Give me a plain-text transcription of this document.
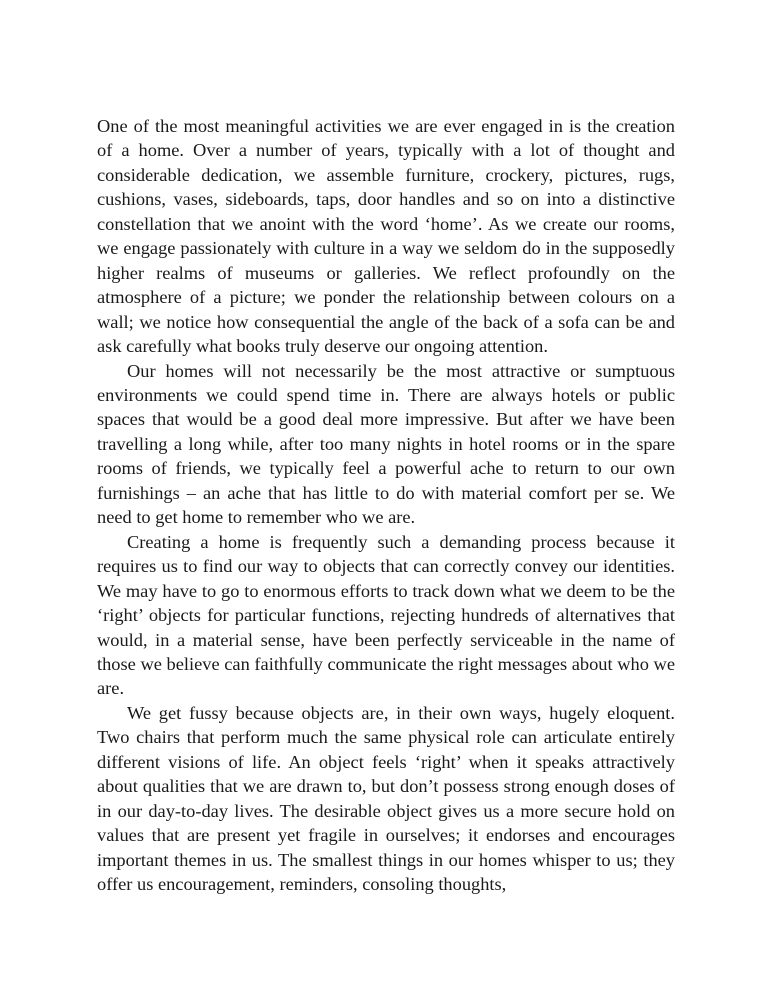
One of the most meaningful activities we are ever engaged in is the creation of a home. Over a number of years, typically with a lot of thought and considerable dedication, we assemble furniture, crockery, pictures, rugs, cushions, vases, sideboards, taps, door handles and so on into a distinctive constellation that we anoint with the word ‘home’. As we create our rooms, we engage passionately with culture in a way we seldom do in the supposedly higher realms of museums or galleries. We reflect profoundly on the atmosphere of a picture; we ponder the relationship between colours on a wall; we notice how consequential the angle of the back of a sofa can be and ask carefully what books truly deserve our ongoing attention.

Our homes will not necessarily be the most attractive or sumptuous environments we could spend time in. There are always hotels or public spaces that would be a good deal more impressive. But after we have been travelling a long while, after too many nights in hotel rooms or in the spare rooms of friends, we typically feel a powerful ache to return to our own furnishings – an ache that has little to do with material comfort per se. We need to get home to remember who we are.

Creating a home is frequently such a demanding process because it requires us to find our way to objects that can correctly convey our identities. We may have to go to enormous efforts to track down what we deem to be the ‘right’ objects for particular functions, rejecting hundreds of alternatives that would, in a material sense, have been perfectly serviceable in the name of those we believe can faithfully communicate the right messages about who we are.

We get fussy because objects are, in their own ways, hugely eloquent. Two chairs that perform much the same physical role can articulate entirely different visions of life. An object feels ‘right’ when it speaks attractively about qualities that we are drawn to, but don’t possess strong enough doses of in our day-to-day lives. The desirable object gives us a more secure hold on values that are present yet fragile in ourselves; it endorses and encourages important themes in us. The smallest things in our homes whisper to us; they offer us encouragement, reminders, consoling thoughts,
